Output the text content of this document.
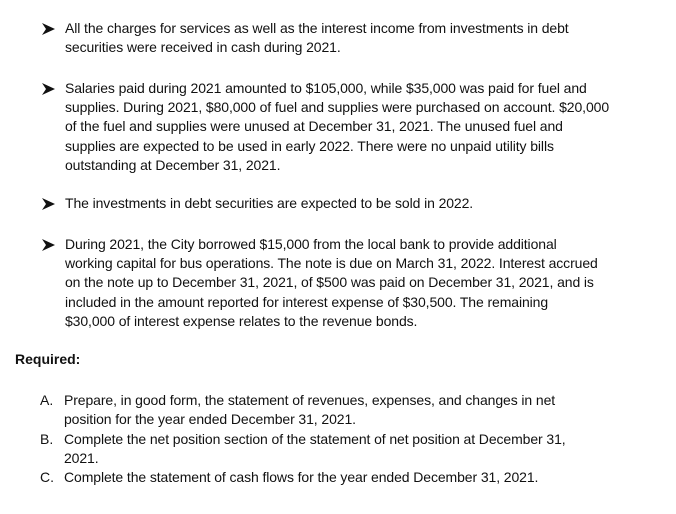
All the charges for services as well as the interest income from investments in debt
securities were received in cash during 2021.
Salaries paid during 2021 amounted to $105,000, while $35,000 was paid for fuel and
supplies. During 2021, $80,000 of fuel and supplies were purchased on account. $20,000
of the fuel and supplies were unused at December 31, 2021. The unused fuel and
supplies are expected to be used in early 2022. There were no unpaid utility bills
outstanding at December 31, 2021.
The investments in debt securities are expected to be sold in 2022.
During 2021, the City borrowed $15,000 from the local bank to provide additional
working capital for bus operations. The note is due on March 31, 2022. Interest accrued
on the note up to December 31, 2021, of $500 was paid on December 31, 2021, and is
included in the amount reported for interest expense of $30,500. The remaining
$30,000 of interest expense relates to the revenue bonds.
Required:
A. Prepare, in good form, the statement of revenues, expenses, and changes in net
position for the year ended December 31, 2021.
B. Complete the net position section of the statement of net position at December 31,
2021.
C. Complete the statement of cash flows for the year ended December 31, 2021.
